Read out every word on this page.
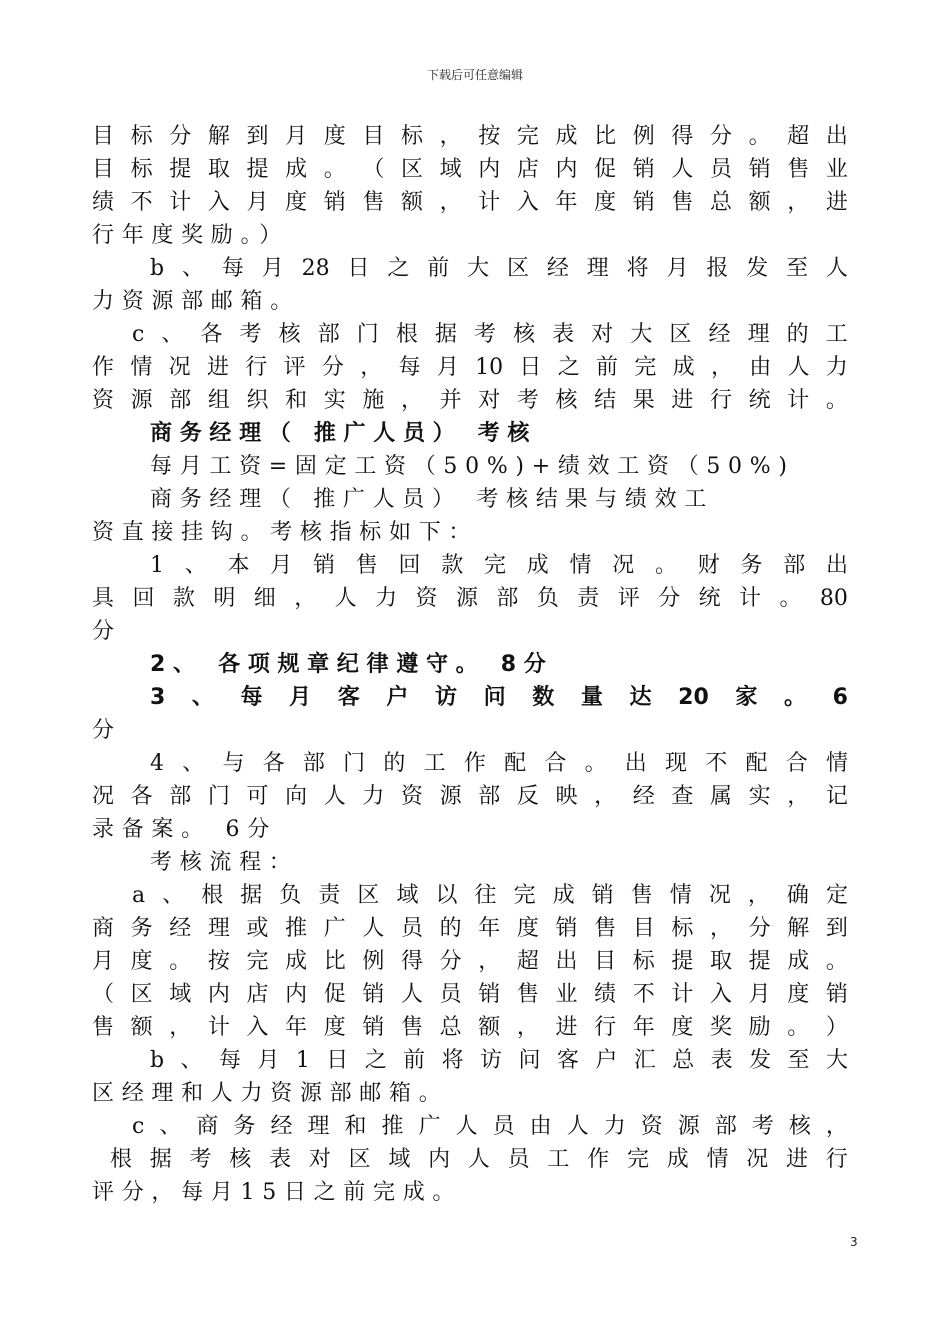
下载后可任意编辑
目 标 分 解 到 月 度 目 标 ， 按 完 成 比 例 得 分 。 超 出
目 标 提 取 提 成 。 （ 区 域 内 店 内 促 销 人 员 销 售 业
绩 不 计 入 月 度 销 售 额 ， 计 入 年 度 销 售 总 额 ， 进
行年度奖励。）
b 、 每 月 28 日 之 前 大 区 经 理 将 月 报 发 至 人
力资源部邮箱。
c 、 各 考 核 部 门 根 据 考 核 表 对 大 区 经 理 的 工
作 情 况 进 行 评 分 ， 每 月 10 日 之 前 完 成 ， 由 人 力
资 源 部 组 织 和 实 施 ， 并 对 考 核 结 果 进 行 统 计 。
商务经理（ 推广人员） 考核
每月工资=固定工资（50%)+绩效工资（50%)
商务经理（ 推广人员） 考核结果与绩效工
资直接挂钩。考核指标如下：
1 、 本 月 销 售 回 款 完 成 情 况 。 财 务 部 出
具 回 款 明 细 ， 人 力 资 源 部 负 责 评 分 统 计 。 80
分
2、 各项规章纪律遵守。 8分
3 、 每 月 客 户 访 问 数 量 达 20 家 。 6
分
4 、 与 各 部 门 的 工 作 配 合 。 出 现 不 配 合 情
况 各 部 门 可 向 人 力 资 源 部 反 映 ， 经 查 属 实 ， 记
录备案。 6分
考核流程：
a 、 根 据 负 责 区 域 以 往 完 成 销 售 情 况 ， 确 定
商 务 经 理 或 推 广 人 员 的 年 度 销 售 目 标 ， 分 解 到
月 度 。 按 完 成 比 例 得 分 ， 超 出 目 标 提 取 提 成 。
（ 区 域 内 店 内 促 销 人 员 销 售 业 绩 不 计 入 月 度 销
售 额 ， 计 入 年 度 销 售 总 额 ， 进 行 年 度 奖 励 。 ）
b 、 每 月 1 日 之 前 将 访 问 客 户 汇 总 表 发 至 大
区经理和人力资源部邮箱。
c 、 商 务 经 理 和 推 广 人 员 由 人 力 资 源 部 考 核 ，
根 据 考 核 表 对 区 域 内 人 员 工 作 完 成 情 况 进 行
评分，每月15日之前完成。
3
